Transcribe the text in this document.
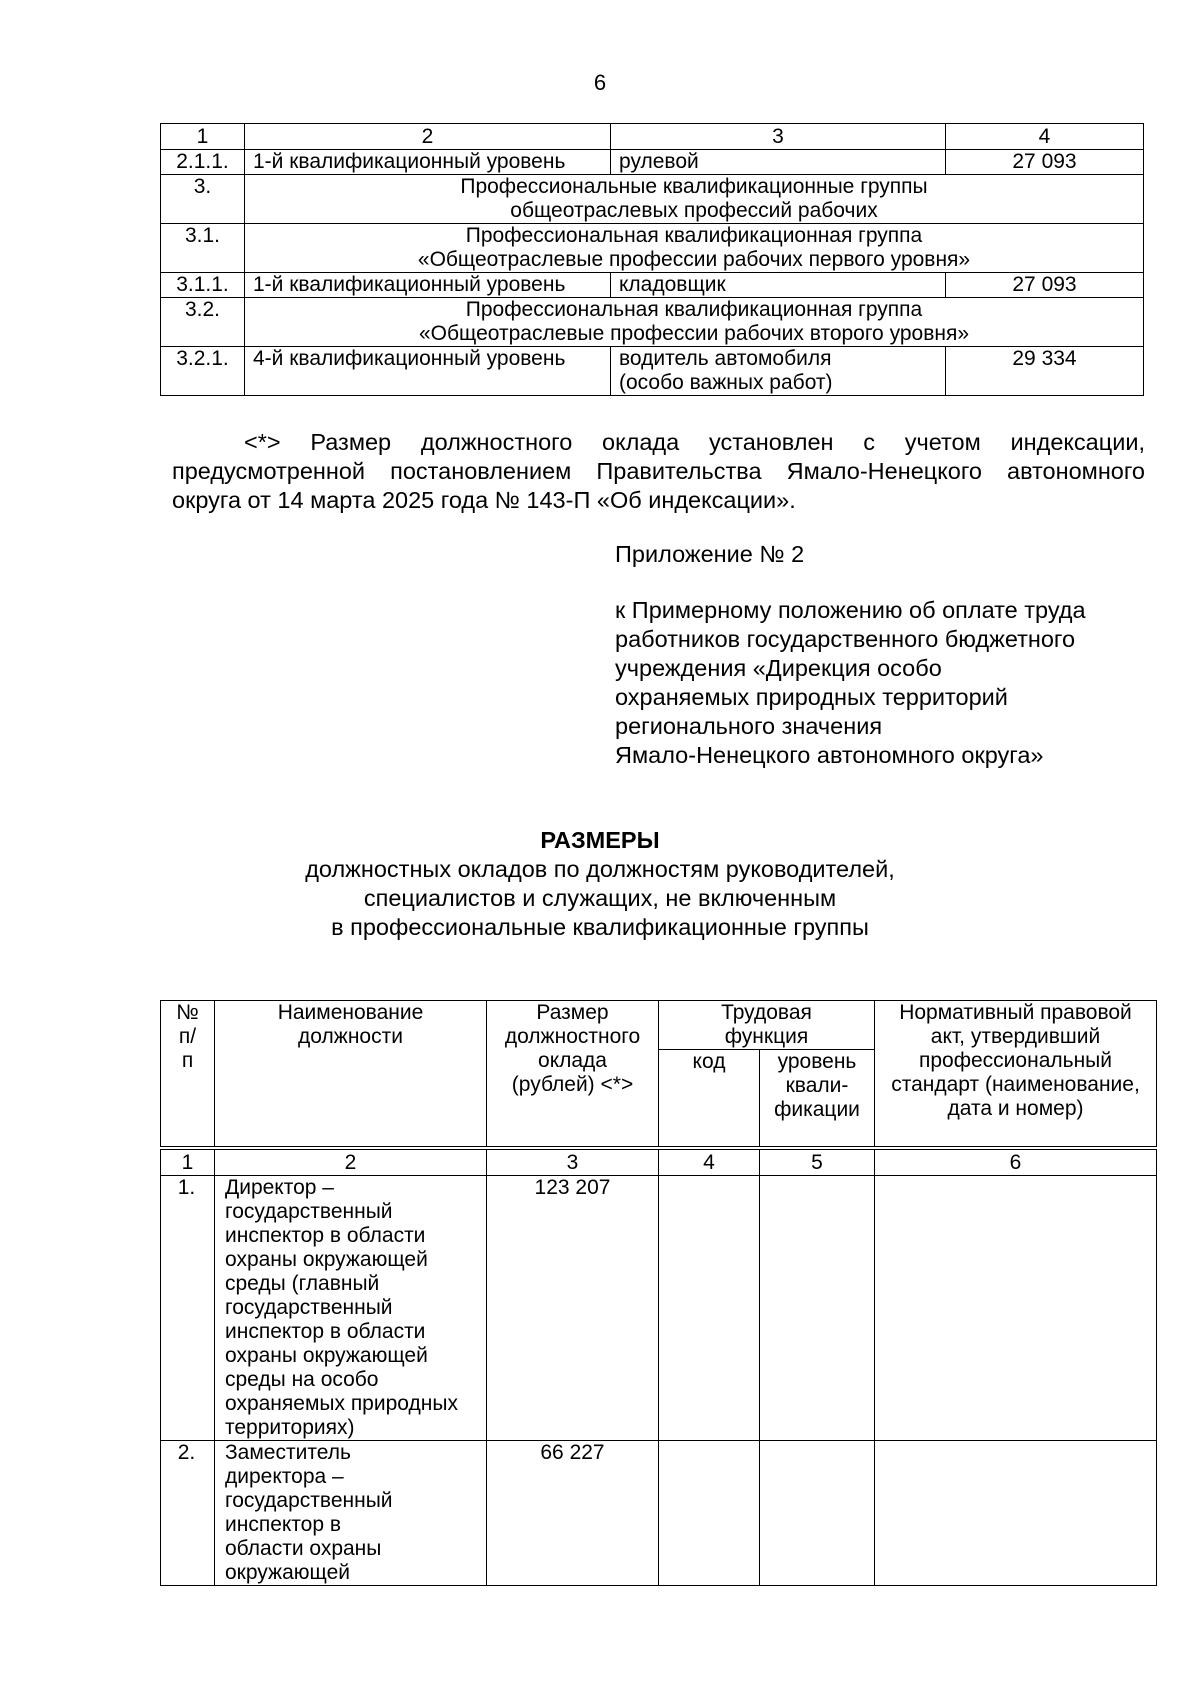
6
1	2	3	4
2.1.1.	1-й квалификационный уровень	рулевой	27 093
3.	Профессиональные квалификационные группы
общеотраслевых профессий рабочих		

3.1.	Профессиональная квалификационная группа
«Общеотраслевые профессии рабочих первого уровня»		

3.1.1.	1-й квалификационный уровень	кладовщик	27 093
3.2.	Профессиональная квалификационная группа
«Общеотраслевые профессии рабочих второго уровня»		

3.2.1.	4-й квалификационный уровень	водитель автомобиля (особо важных работ)	29 334
<*> Размер должностного оклада установлен с учетом индексации, предусмотренной постановлением Правительства Ямало-Ненецкого автономного округа от 14 марта 2025 года № 143-П «Об индексации».
Приложение № 2
к Примерному положению об оплате труда
работников государственного бюджетного
учреждения «Дирекция особо
охраняемых природных территорий
регионального значения
Ямало-Ненецкого автономного округа»
РАЗМЕРЫ
должностных окладов по должностям руководителей,
специалистов и служащих, не включенным
в профессиональные квалификационные группы
№ п/п	Наименование должности	Размер должностного оклада (рублей) <*>	Трудовая функция		Нормативный правовой акт, утвердивший профессиональный стандарт (наименование, дата и номер)

			код	уровень квали-фикации	

1	2	3	4	5	6
1.	Директор – государственный инспектор в области охраны окружающей среды (главный государственный инспектор в области охраны окружающей среды на особо охраняемых природных территориях)	123 207			
2.	Заместитель директора – государственный инспектор в области охраны окружающей	66 227			
